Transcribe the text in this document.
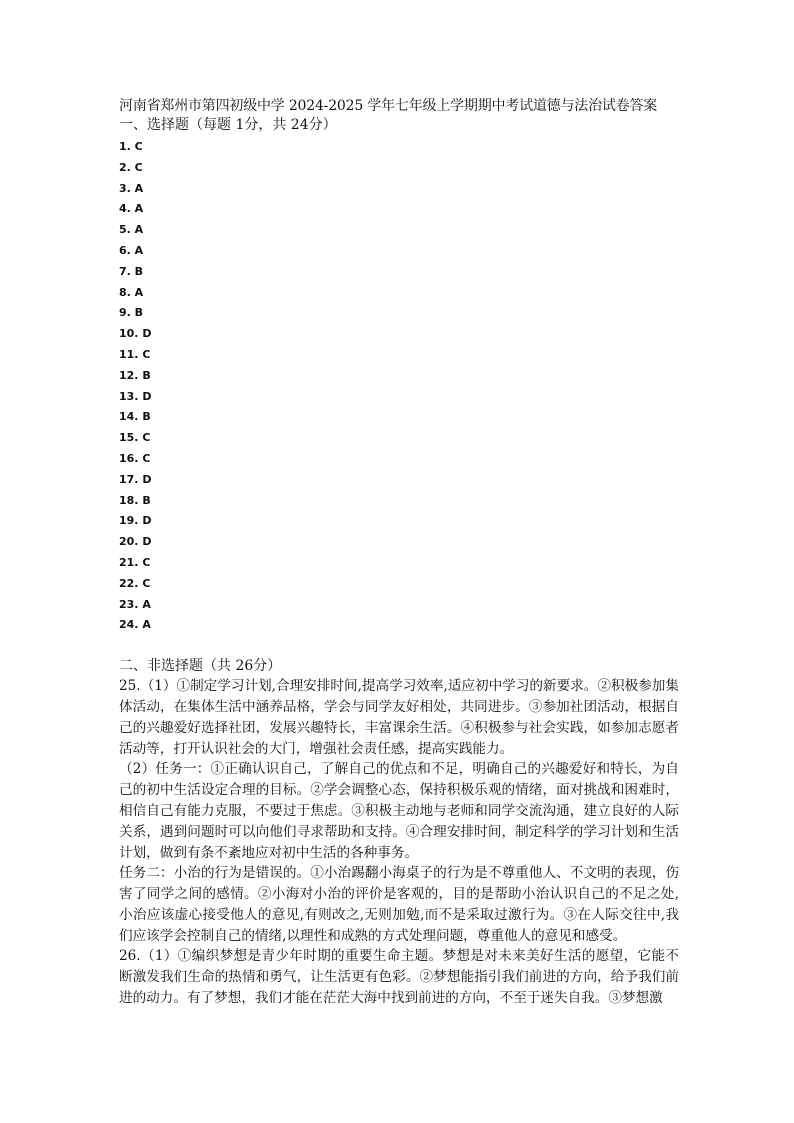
河南省郑州市第四初级中学 2024-2025 学年七年级上学期期中考试道德与法治试卷答案

一、选择题（每题 1分，共 24分）

1. C
2. C
3. A
4. A
5. A
6. A
7. B
8. A
9. B
10. D
11. C
12. B
13. D
14. B
15. C
16. C
17. D
18. B
19. D
20. D
21. C
22. C
23. A
24. A

二、非选择题（共 26分）

25.（1）①制定学习计划,合理安排时间,提高学习效率,适应初中学习的新要求。②积极参加集体活动，在集体生活中涵养品格，学会与同学友好相处，共同进步。③参加社团活动，根据自己的兴趣爱好选择社团，发展兴趣特长，丰富课余生活。④积极参与社会实践，如参加志愿者活动等，打开认识社会的大门，增强社会责任感，提高实践能力。

（2）任务一：①正确认识自己，了解自己的优点和不足，明确自己的兴趣爱好和特长，为自己的初中生活设定合理的目标。②学会调整心态，保持积极乐观的情绪，面对挑战和困难时，相信自己有能力克服，不要过于焦虑。③积极主动地与老师和同学交流沟通，建立良好的人际关系，遇到问题时可以向他们寻求帮助和支持。④合理安排时间，制定科学的学习计划和生活计划，做到有条不紊地应对初中生活的各种事务。

任务二：小治的行为是错误的。①小治踢翻小海桌子的行为是不尊重他人、不文明的表现，伤害了同学之间的感情。②小海对小治的评价是客观的，目的是帮助小治认识自己的不足之处,小治应该虚心接受他人的意见,有则改之,无则加勉,而不是采取过激行为。③在人际交往中,我们应该学会控制自己的情绪,以理性和成熟的方式处理问题，尊重他人的意见和感受。

26.（1）①编织梦想是青少年时期的重要生命主题。梦想是对未来美好生活的愿望，它能不断激发我们生命的热情和勇气，让生活更有色彩。②梦想能指引我们前进的方向，给予我们前进的动力。有了梦想，我们才能在茫茫大海中找到前进的方向，不至于迷失自我。③梦想激
